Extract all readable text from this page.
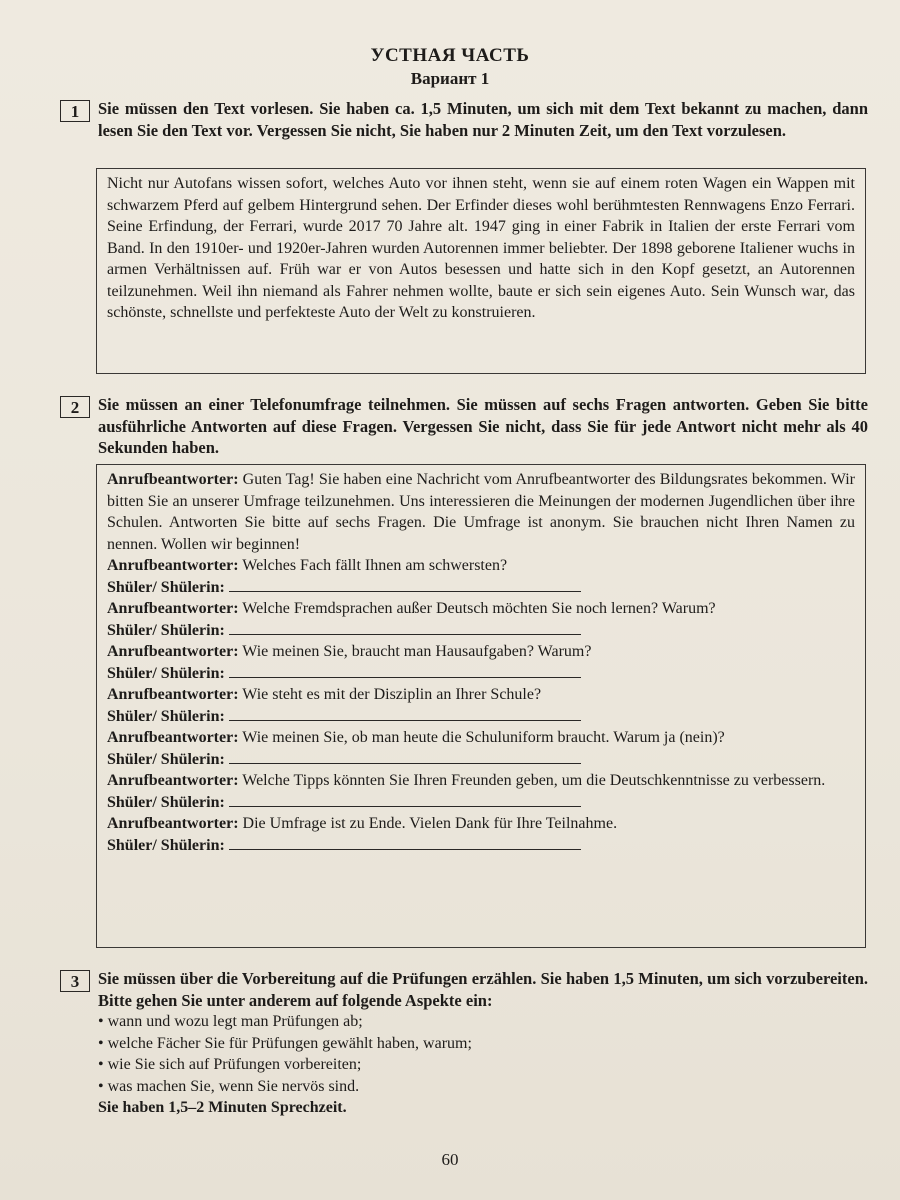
УСТНАЯ ЧАСТЬ
Вариант 1
1	Sie müssen den Text vorlesen. Sie haben ca. 1,5 Minuten, um sich mit dem Text bekannt zu machen, dann lesen Sie den Text vor. Vergessen Sie nicht, Sie haben nur 2 Minuten Zeit, um den Text vorzulesen.

Nicht nur Autofans wissen sofort, welches Auto vor ihnen steht, wenn sie auf einem roten Wagen ein Wappen mit schwarzem Pferd auf gelbem Hintergrund sehen. Der Erfinder dieses wohl berühmtesten Rennwagens Enzo Ferrari. Seine Erfindung, der Ferrari, wurde 2017 70 Jahre alt. 1947 ging in einer Fabrik in Italien der erste Ferrari vom Band. In den 1910er- und 1920er-Jahren wurden Autorennen immer beliebter. Der 1898 geborene Italiener wuchs in armen Verhältnissen auf. Früh war er von Autos besessen und hatte sich in den Kopf gesetzt, an Autorennen teilzunehmen. Weil ihn niemand als Fahrer nehmen wollte, baute er sich sein eigenes Auto. Sein Wunsch war, das schönste, schnellste und perfekteste Auto der Welt zu konstruieren.

2	Sie müssen an einer Telefonumfrage teilnehmen. Sie müssen auf sechs Fragen antworten. Geben Sie bitte ausführliche Antworten auf diese Fragen. Vergessen Sie nicht, dass Sie für jede Antwort nicht mehr als 40 Sekunden haben.

Anrufbeantworter: Guten Tag! Sie haben eine Nachricht vom Anrufbeantworter des Bildungsrates bekommen. Wir bitten Sie an unserer Umfrage teilzunehmen. Uns interessieren die Meinungen der modernen Jugendlichen über ihre Schulen. Antworten Sie bitte auf sechs Fragen. Die Umfrage ist anonym. Sie brauchen nicht Ihren Namen zu nennen. Wollen wir beginnen!

Anrufbeantworter: Welches Fach fällt Ihnen am schwersten?

Shüler/ Shülerin:

Anrufbeantworter: Welche Fremdsprachen außer Deutsch möchten Sie noch lernen? Warum?

Shüler/ Shülerin:

Anrufbeantworter: Wie meinen Sie, braucht man Hausaufgaben? Warum?

Shüler/ Shülerin:

Anrufbeantworter: Wie steht es mit der Disziplin an Ihrer Schule?

Shüler/ Shülerin:

Anrufbeantworter: Wie meinen Sie, ob man heute die Schuluniform braucht. Warum ja (nein)?

Shüler/ Shülerin:

Anrufbeantworter: Welche Tipps könnten Sie Ihren Freunden geben, um die Deutschkenntnisse zu verbessern.

Shüler/ Shülerin:

Anrufbeantworter: Die Umfrage ist zu Ende. Vielen Dank für Ihre Teilnahme.

Shüler/ Shülerin:

3	Sie müssen über die Vorbereitung auf die Prüfungen erzählen. Sie haben 1,5 Minuten, um sich vorzubereiten. Bitte gehen Sie unter anderem auf folgende Aspekte ein:
• wann und wozu legt man Prüfungen ab;
• welche Fächer Sie für Prüfungen gewählt haben, warum;
• wie Sie sich auf Prüfungen vorbereiten;
• was machen Sie, wenn Sie nervös sind.
Sie haben 1,5–2 Minuten Sprechzeit.
60
